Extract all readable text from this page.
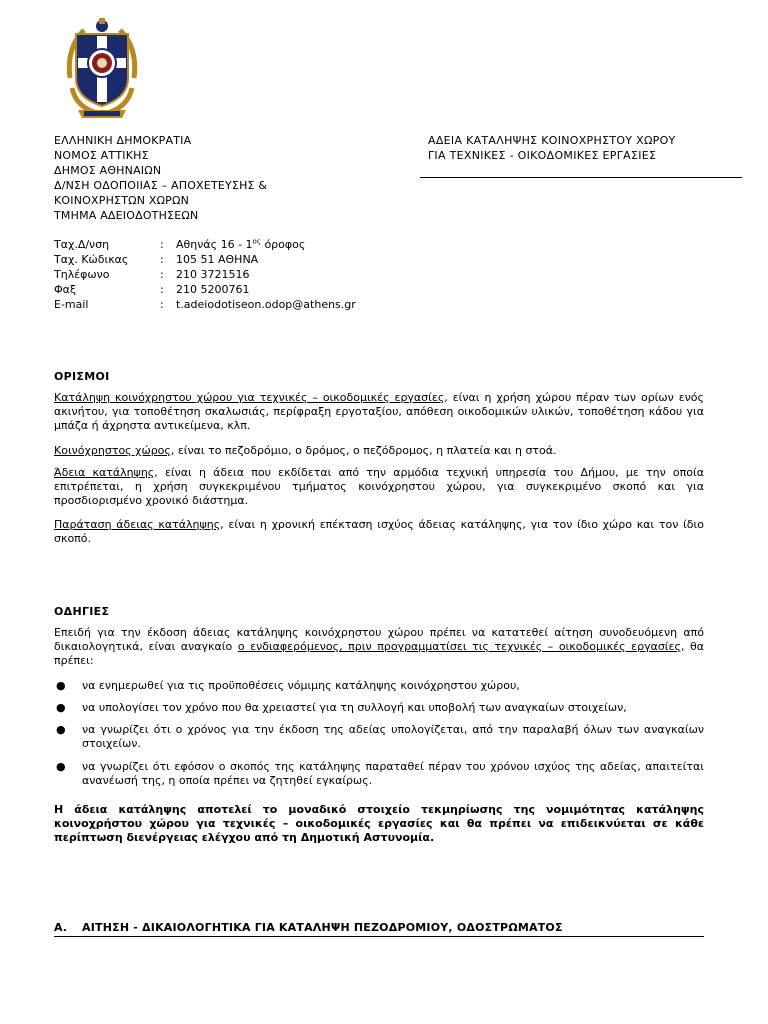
ΕΛΛΗΝΙΚΗ ΔΗΜΟΚΡΑΤΙΑ
ΝΟΜΟΣ ΑΤΤΙΚΗΣ
ΔΗΜΟΣ ΑΘΗΝΑΙΩΝ
Δ/ΝΣΗ ΟΔΟΠΟΙΙΑΣ – ΑΠΟΧΕΤΕΥΣΗΣ &
ΚΟΙΝΟΧΡΗΣΤΩΝ ΧΩΡΩΝ
ΤΜΗΜΑ ΑΔΕΙΟΔΟΤΗΣΕΩΝ
ΑΔΕΙΑ ΚΑΤΑΛΗΨΗΣ ΚΟΙΝΟΧΡΗΣΤΟΥ ΧΩΡΟΥ
ΓΙΑ ΤΕΧΝΙΚΕΣ - ΟΙΚΟΔΟΜΙΚΕΣ ΕΡΓΑΣΙΕΣ
Ταχ.Δ/νση	:	Αθηνάς $16 - 1^{o\varsigma}$ όροφος
Ταχ. Κώδικας	:	105 51 ΑΘΗΝΑ
Τηλέφωνο	:	210 3721516
Φαξ	:	210 5200761
E-mail	:	t.adeiodotiseon.odop@athens.gr
ΟΡΙΣΜΟΙ
Κατάληψη κοινόχρηστου χώρου για τεχνικές – οικοδομικές εργασίες, είναι η χρήση χώρου πέραν των ορίων ενός ακινήτου, για τοποθέτηση σκαλωσιάς, περίφραξη εργοταξίου, απόθεση οικοδομικών υλικών, τοποθέτηση κάδου για μπάζα ή άχρηστα αντικείμενα, κλπ.
Κοινόχρηστος χώρος, είναι το πεζοδρόμιο, ο δρόμος, ο πεζόδρομος, η πλατεία και η στοά.
Άδεια κατάληψης, είναι η άδεια που εκδίδεται από την αρμόδια τεχνική υπηρεσία του Δήμου, με την οποία επιτρέπεται, η χρήση συγκεκριμένου τμήματος κοινόχρηστου χώρου, για συγκεκριμένο σκοπό και για προσδιορισμένο χρονικό διάστημα.
Παράταση άδειας κατάληψης, είναι η χρονική επέκταση ισχύος άδειας κατάληψης, για τον ίδιο χώρο και τον ίδιο σκοπό.
ΟΔΗΓΙΕΣ
Επειδή για την έκδοση άδειας κατάληψης κοινόχρηστου χώρου πρέπει να κατατεθεί αίτηση συνοδευόμενη από δικαιολογητικά, είναι αναγκαίο ο ενδιαφερόμενος, πριν προγραμματίσει τις τεχνικές – οικοδομικές εργασίες, θα πρέπει:
●	να ενημερωθεί για τις προϋποθέσεις νόμιμης κατάληψης κοινόχρηστου χώρου,
●	να υπολογίσει τον χρόνο που θα χρειαστεί για τη συλλογή και υποβολή των αναγκαίων στοιχείων,
●	να γνωρίζει ότι ο χρόνος για την έκδοση της αδείας υπολογίζεται, από την παραλαβή όλων των αναγκαίων στοιχείων.
●	να γνωρίζει ότι εφόσον ο σκοπός της κατάληψης παραταθεί πέραν του χρόνου ισχύος της αδείας, απαιτείται ανανέωσή της, η οποία πρέπει να ζητηθεί εγκαίρως.
Η άδεια κατάληψης αποτελεί το μοναδικό στοιχείο τεκμηρίωσης της νομιμότητας κατάληψης κοινοχρήστου χώρου για τεχνικές – οικοδομικές εργασίες και θα πρέπει να επιδεικνύεται σε κάθε περίπτωση διενέργειας ελέγχου από τη Δημοτική Αστυνομία.
Α. ΑΙΤΗΣΗ - ΔΙΚΑΙΟΛΟΓΗΤΙΚΑ ΓΙΑ ΚΑΤΑΛΗΨΗ ΠΕΖΟΔΡΟΜΙΟΥ, ΟΔΟΣΤΡΩΜΑΤΟΣ
